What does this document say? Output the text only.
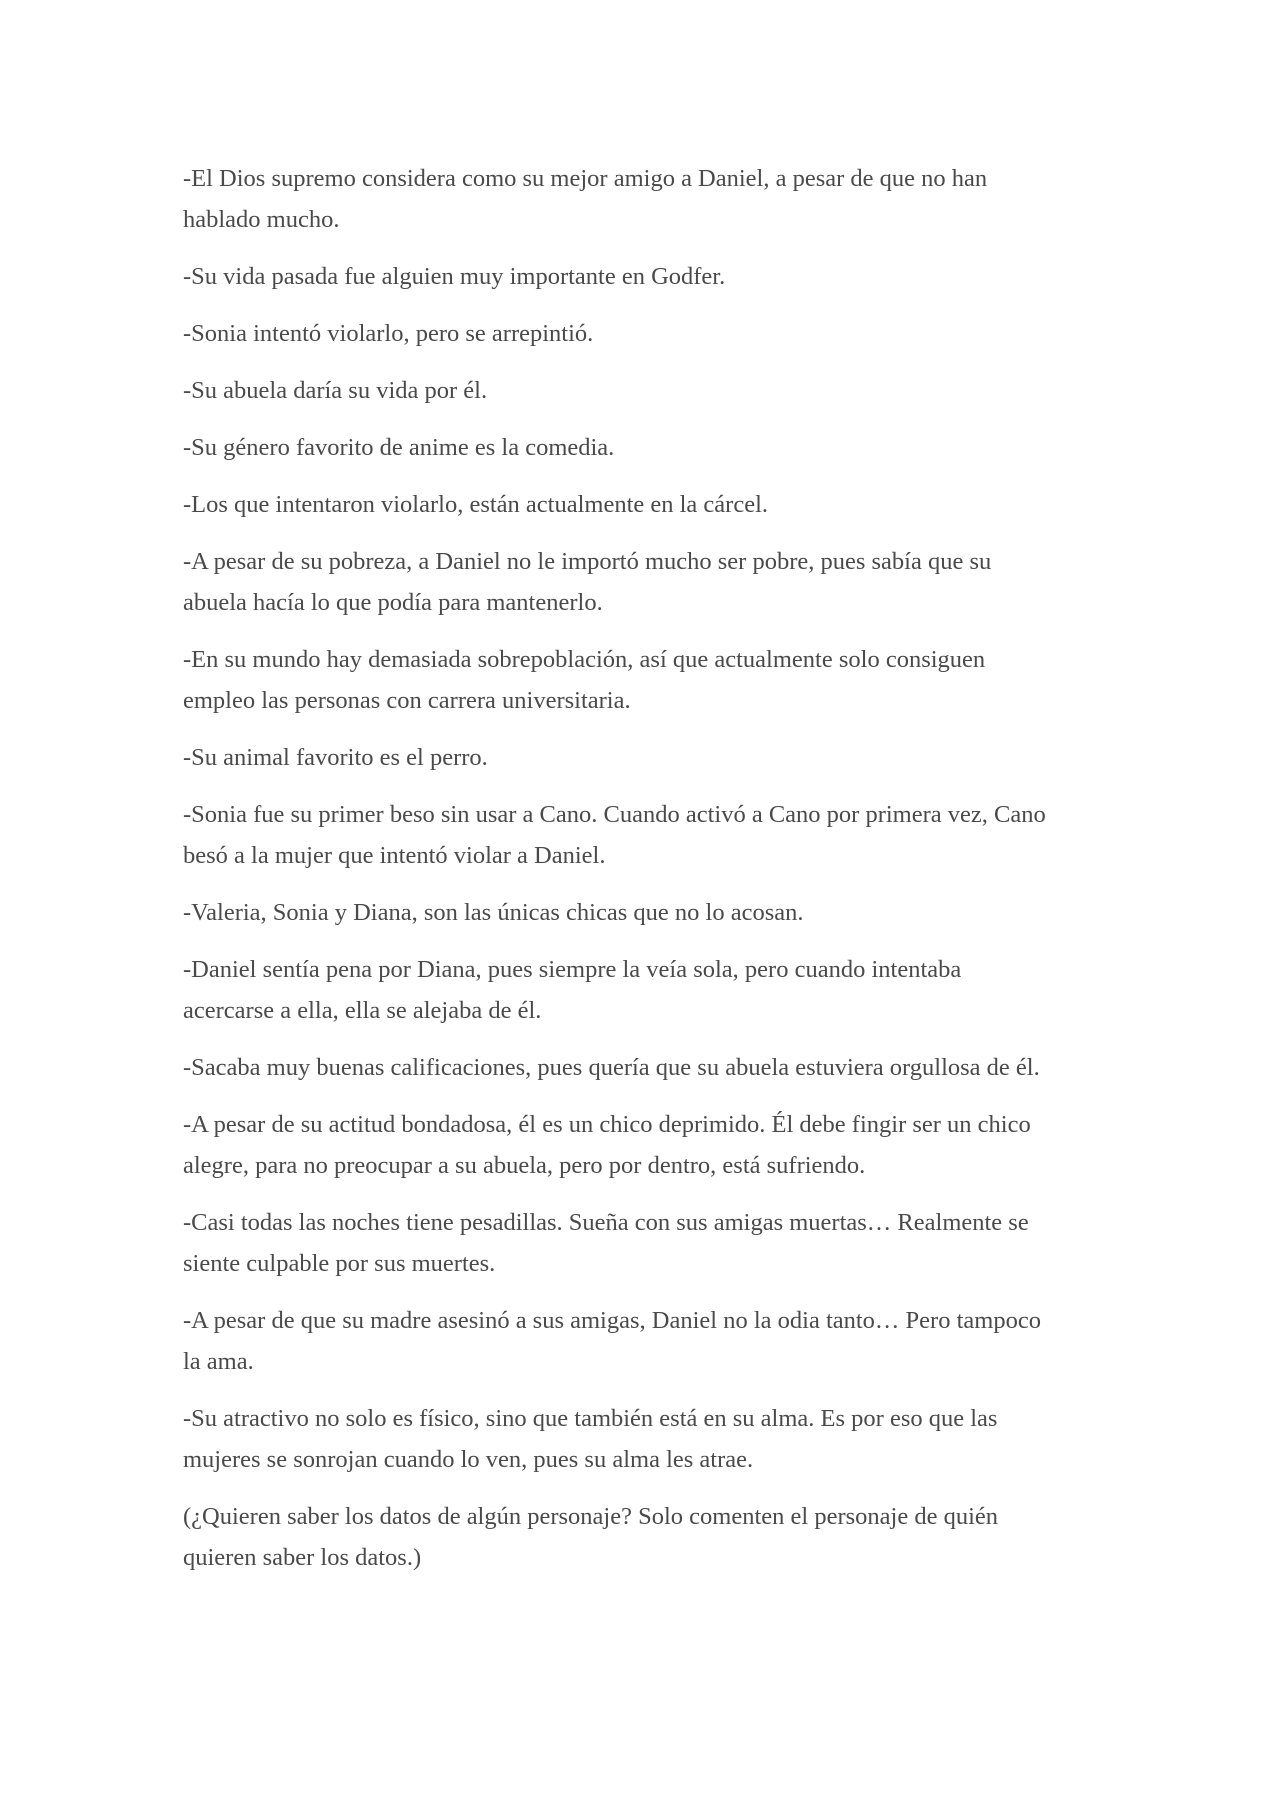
-El Dios supremo considera como su mejor amigo a Daniel, a pesar de que no han
hablado mucho.

-Su vida pasada fue alguien muy importante en Godfer.

-Sonia intentó violarlo, pero se arrepintió.

-Su abuela daría su vida por él.

-Su género favorito de anime es la comedia.

-Los que intentaron violarlo, están actualmente en la cárcel.

-A pesar de su pobreza, a Daniel no le importó mucho ser pobre, pues sabía que su
abuela hacía lo que podía para mantenerlo.

-En su mundo hay demasiada sobrepoblación, así que actualmente solo consiguen
empleo las personas con carrera universitaria.

-Su animal favorito es el perro.

-Sonia fue su primer beso sin usar a Cano. Cuando activó a Cano por primera vez, Cano
besó a la mujer que intentó violar a Daniel.

-Valeria, Sonia y Diana, son las únicas chicas que no lo acosan.

-Daniel sentía pena por Diana, pues siempre la veía sola, pero cuando intentaba
acercarse a ella, ella se alejaba de él.

-Sacaba muy buenas calificaciones, pues quería que su abuela estuviera orgullosa de él.

-A pesar de su actitud bondadosa, él es un chico deprimido. Él debe fingir ser un chico
alegre, para no preocupar a su abuela, pero por dentro, está sufriendo.

-Casi todas las noches tiene pesadillas. Sueña con sus amigas muertas… Realmente se
siente culpable por sus muertes.

-A pesar de que su madre asesinó a sus amigas, Daniel no la odia tanto… Pero tampoco
la ama.

-Su atractivo no solo es físico, sino que también está en su alma. Es por eso que las
mujeres se sonrojan cuando lo ven, pues su alma les atrae.

(¿Quieren saber los datos de algún personaje? Solo comenten el personaje de quién
quieren saber los datos.)
